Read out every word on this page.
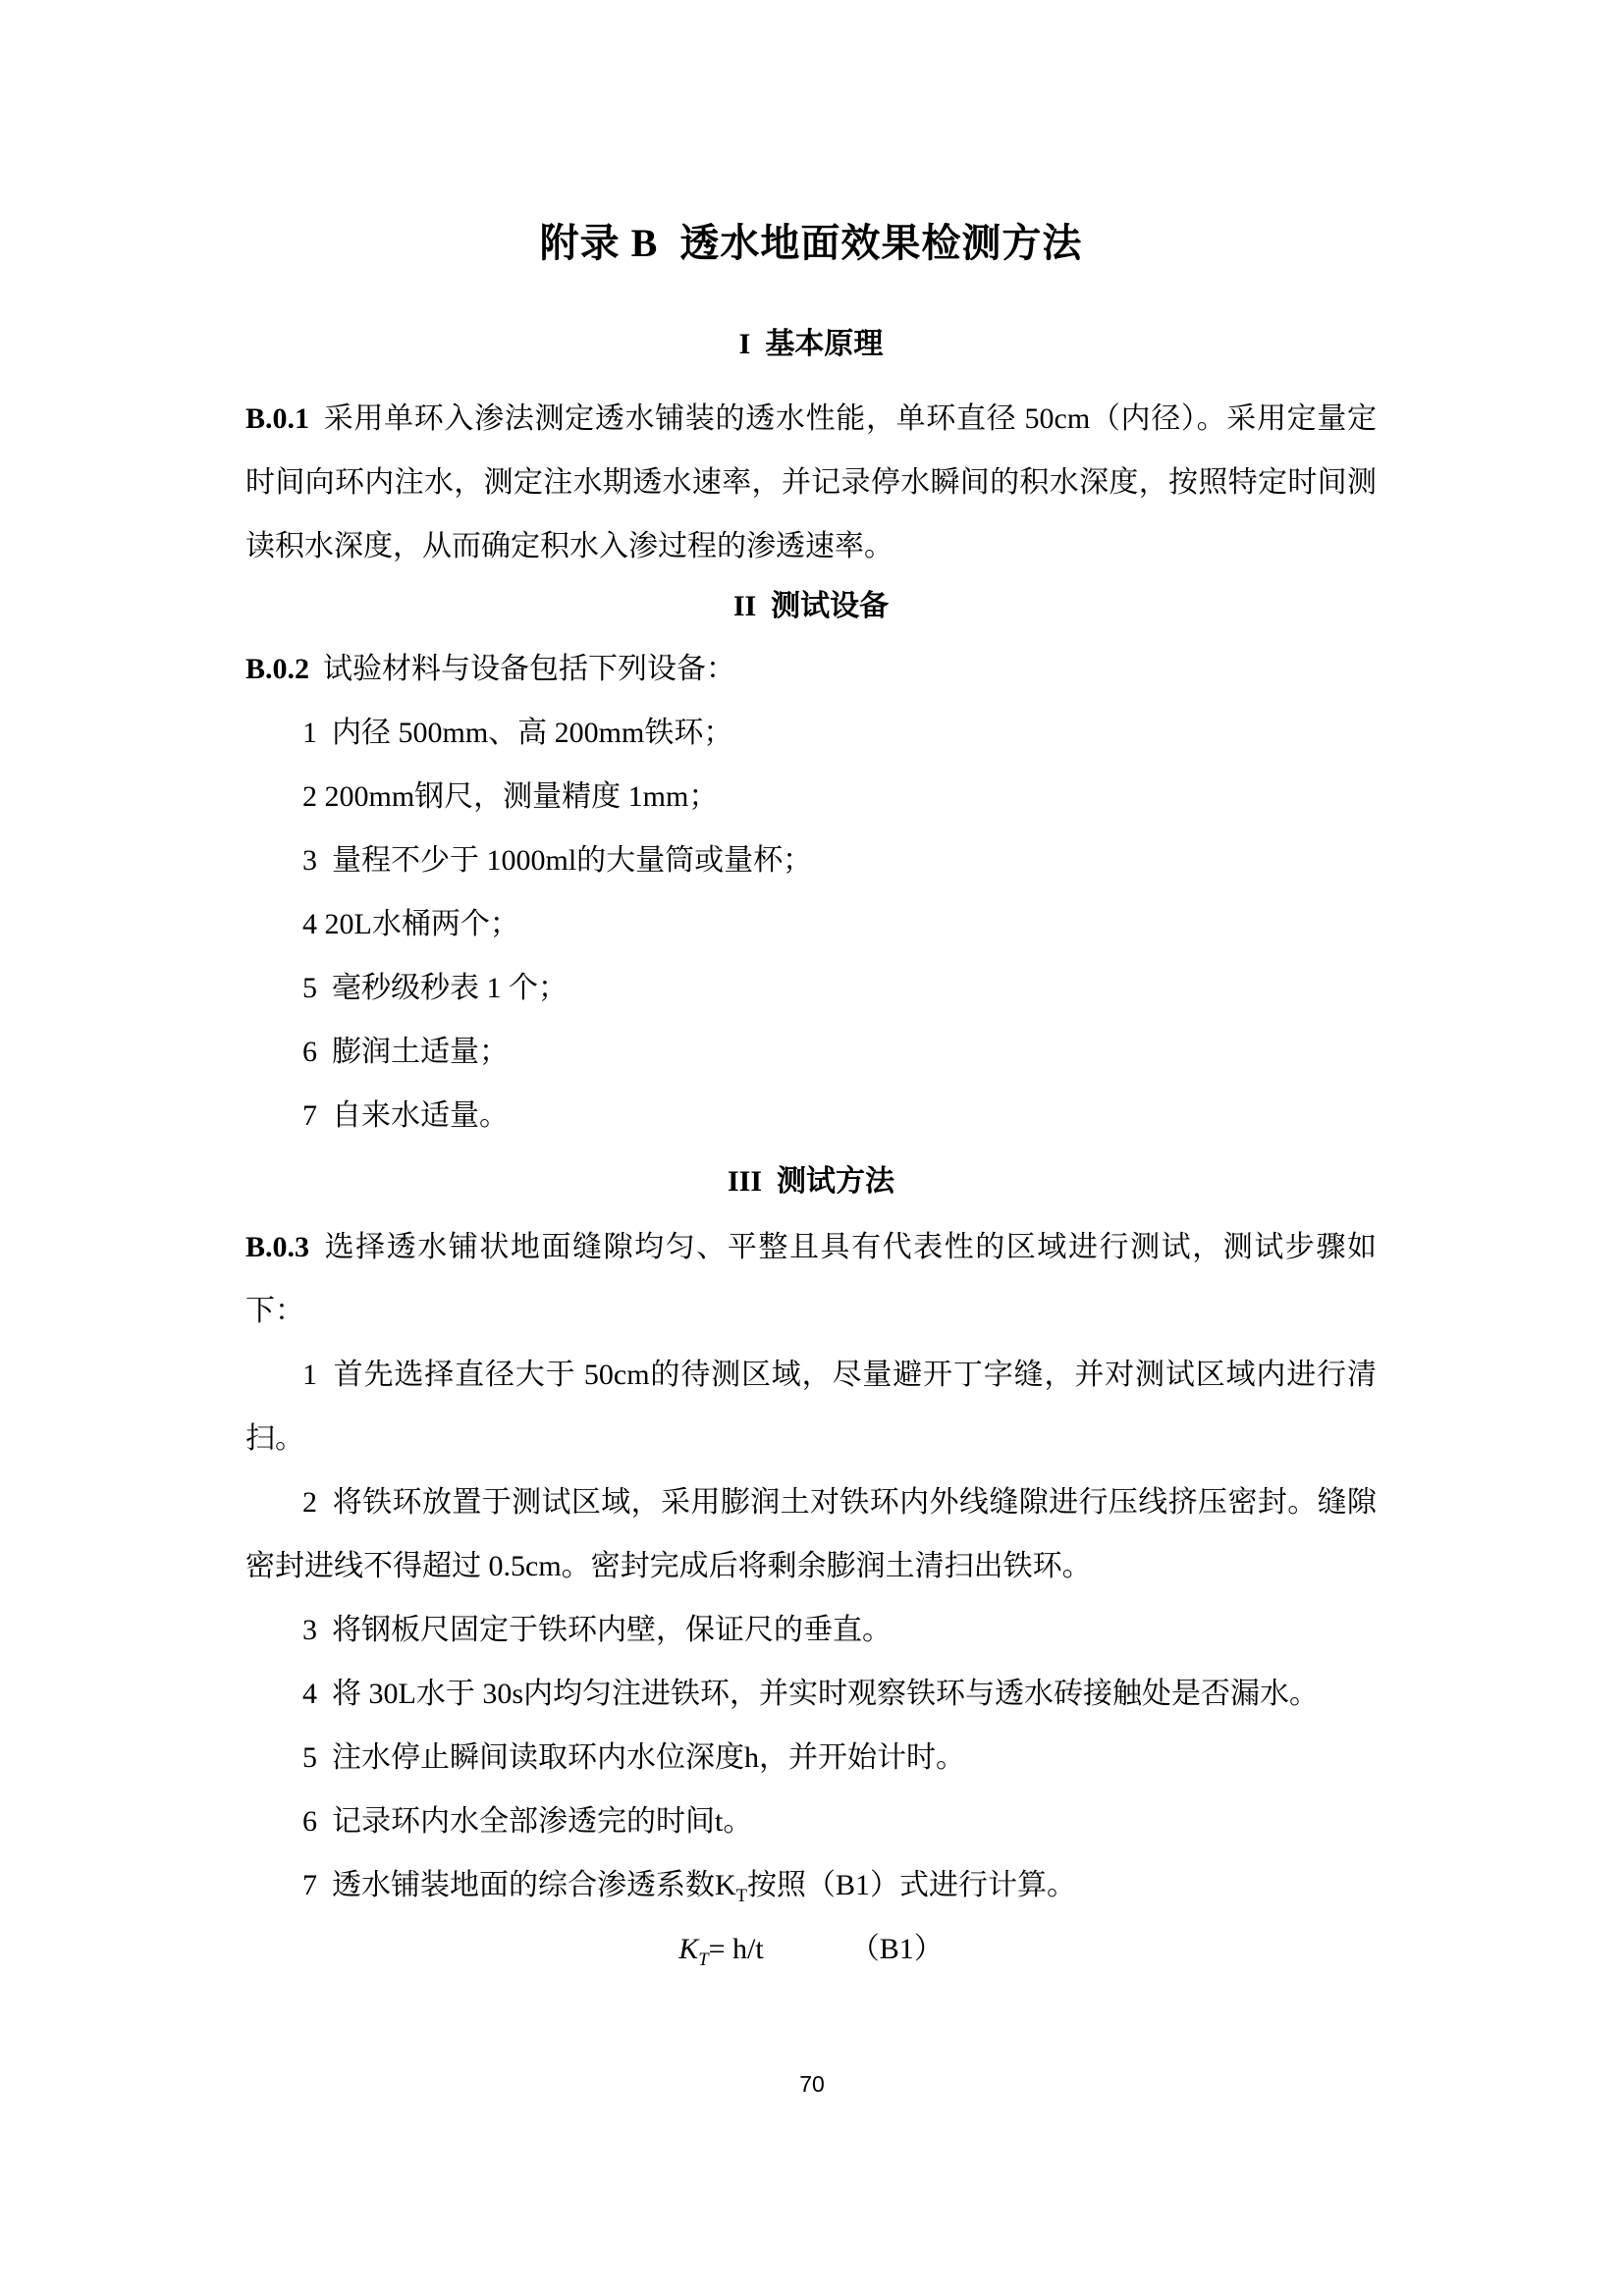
附录 B  透水地面效果检测方法
I  基本原理

B.0.1 采用单环入渗法测定透水铺装的透水性能，单环直径 50cm（内径）。采用定量定时间向环内注水，测定注水期透水速率，并记录停水瞬间的积水深度，按照特定时间测读积水深度，从而确定积水入渗过程的渗透速率。

II  测试设备

B.0.2 试验材料与设备包括下列设备：

1  内径 500mm、高 200mm铁环；

2 200mm钢尺，测量精度 1mm；

3  量程不少于 1000ml的大量筒或量杯；

4 20L水桶两个；

5  毫秒级秒表 1 个；

6  膨润土适量；

7  自来水适量。

III  测试方法

B.0.3 选择透水铺状地面缝隙均匀、平整且具有代表性的区域进行测试，测试步骤如下：

1  首先选择直径大于 50cm的待测区域，尽量避开丁字缝，并对测试区域内进行清扫。

2  将铁环放置于测试区域，采用膨润土对铁环内外线缝隙进行压线挤压密封。缝隙密封进线不得超过 0.5cm。密封完成后将剩余膨润土清扫出铁环。

3  将钢板尺固定于铁环内壁，保证尺的垂直。

4  将 30L水于 30s内均匀注进铁环，并实时观察铁环与透水砖接触处是否漏水。

5  注水停止瞬间读取环内水位深度h，并开始计时。

6  记录环内水全部渗透完的时间t。

7  透水铺装地面的综合渗透系数$K_T$按照（B1）式进行计算。

$K_T= h/t$	（B1）

70
